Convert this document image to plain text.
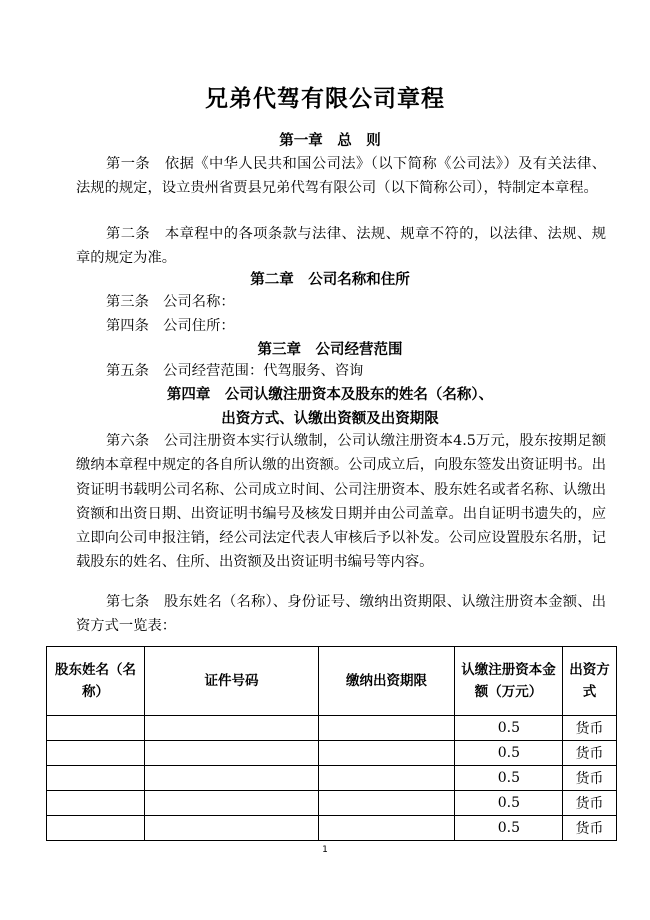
兄弟代驾有限公司章程
第一章　总　则

第一条　依据《中华人民共和国公司法》（以下简称《公司法》）及有关法律、法规的规定，设立贵州省贾县兄弟代驾有限公司（以下简称公司），特制定本章程。

第二条　本章程中的各项条款与法律、法规、规章不符的，以法律、法规、规章的规定为准。

第二章　公司名称和住所
第三条　公司名称：
第四条　公司住所：
第三章　公司经营范围
第五条　公司经营范围：代驾服务、咨询
第四章　公司认缴注册资本及股东的姓名（名称）、
出资方式、认缴出资额及出资期限

第六条　公司注册资本实行认缴制，公司认缴注册资本4.5万元，股东按期足额缴纳本章程中规定的各自所认缴的出资额。公司成立后，向股东签发出资证明书。出资证明书载明公司名称、公司成立时间、公司注册资本、股东姓名或者名称、认缴出资额和出资日期、出资证明书编号及核发日期并由公司盖章。出自证明书遗失的，应立即向公司申报注销，经公司法定代表人审核后予以补发。公司应设置股东名册，记载股东的姓名、住所、出资额及出资证明书编号等内容。

第七条　股东姓名（名称）、身份证号、缴纳出资期限、认缴注册资本金额、出资方式一览表：

股东姓名（名称）	证件号码	缴纳出资期限	认缴注册资本金额（万元）	出资方式
			0.5	货币
			0.5	货币
			0.5	货币
			0.5	货币
			0.5	货币
1
